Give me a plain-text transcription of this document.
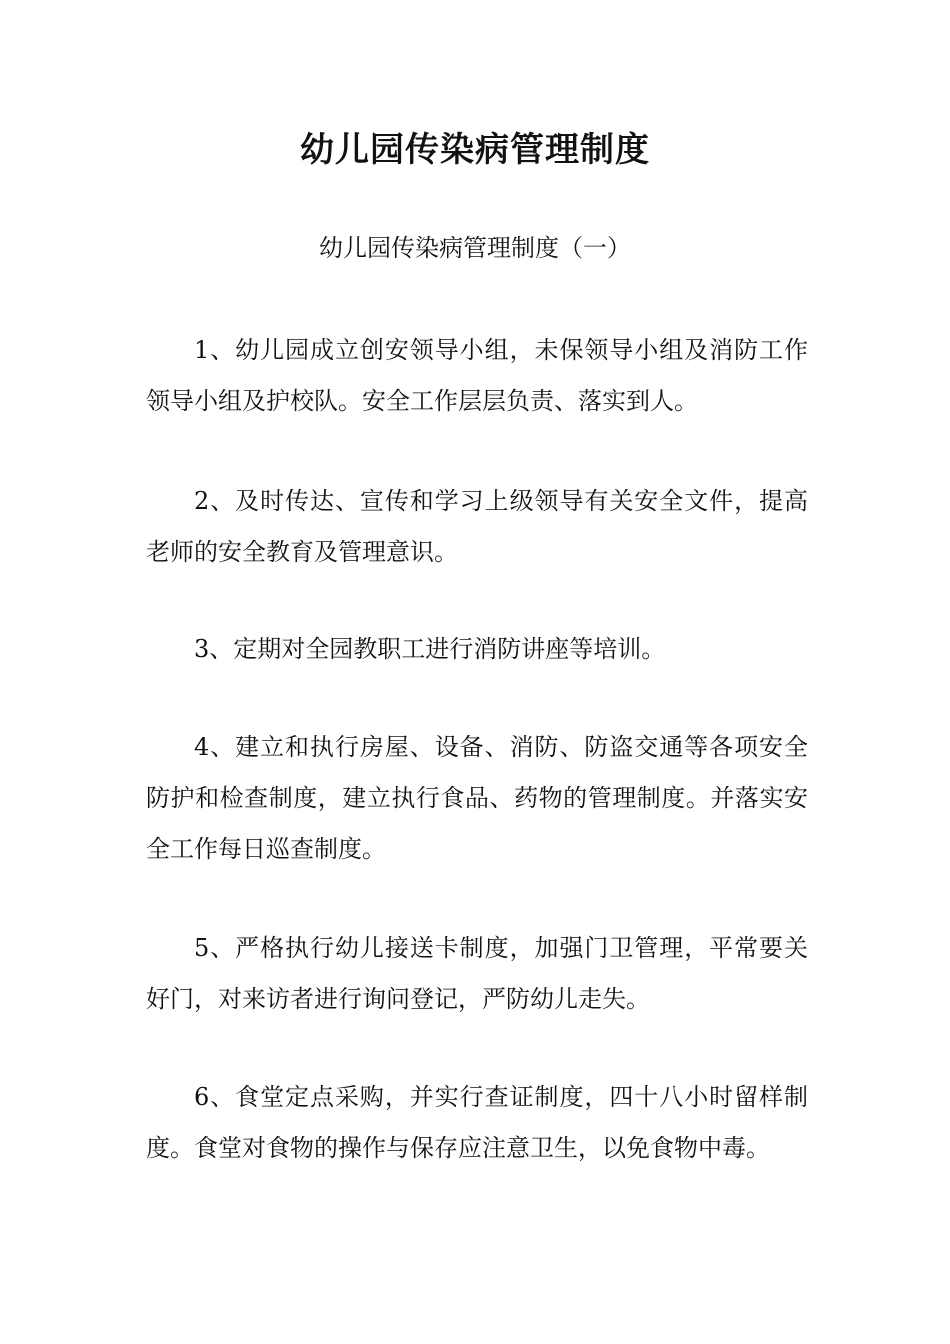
幼儿园传染病管理制度

幼儿园传染病管理制度（一）

1、幼儿园成立创安领导小组，未保领导小组及消防工作领导小组及护校队。安全工作层层负责、落实到人。

2、及时传达、宣传和学习上级领导有关安全文件，提高老师的安全教育及管理意识。

3、定期对全园教职工进行消防讲座等培训。

4、建立和执行房屋、设备、消防、防盗交通等各项安全防护和检查制度，建立执行食品、药物的管理制度。并落实安全工作每日巡查制度。

5、严格执行幼儿接送卡制度，加强门卫管理，平常要关好门，对来访者进行询问登记，严防幼儿走失。

6、食堂定点采购，并实行查证制度，四十八小时留样制度。食堂对食物的操作与保存应注意卫生，以免食物中毒。
